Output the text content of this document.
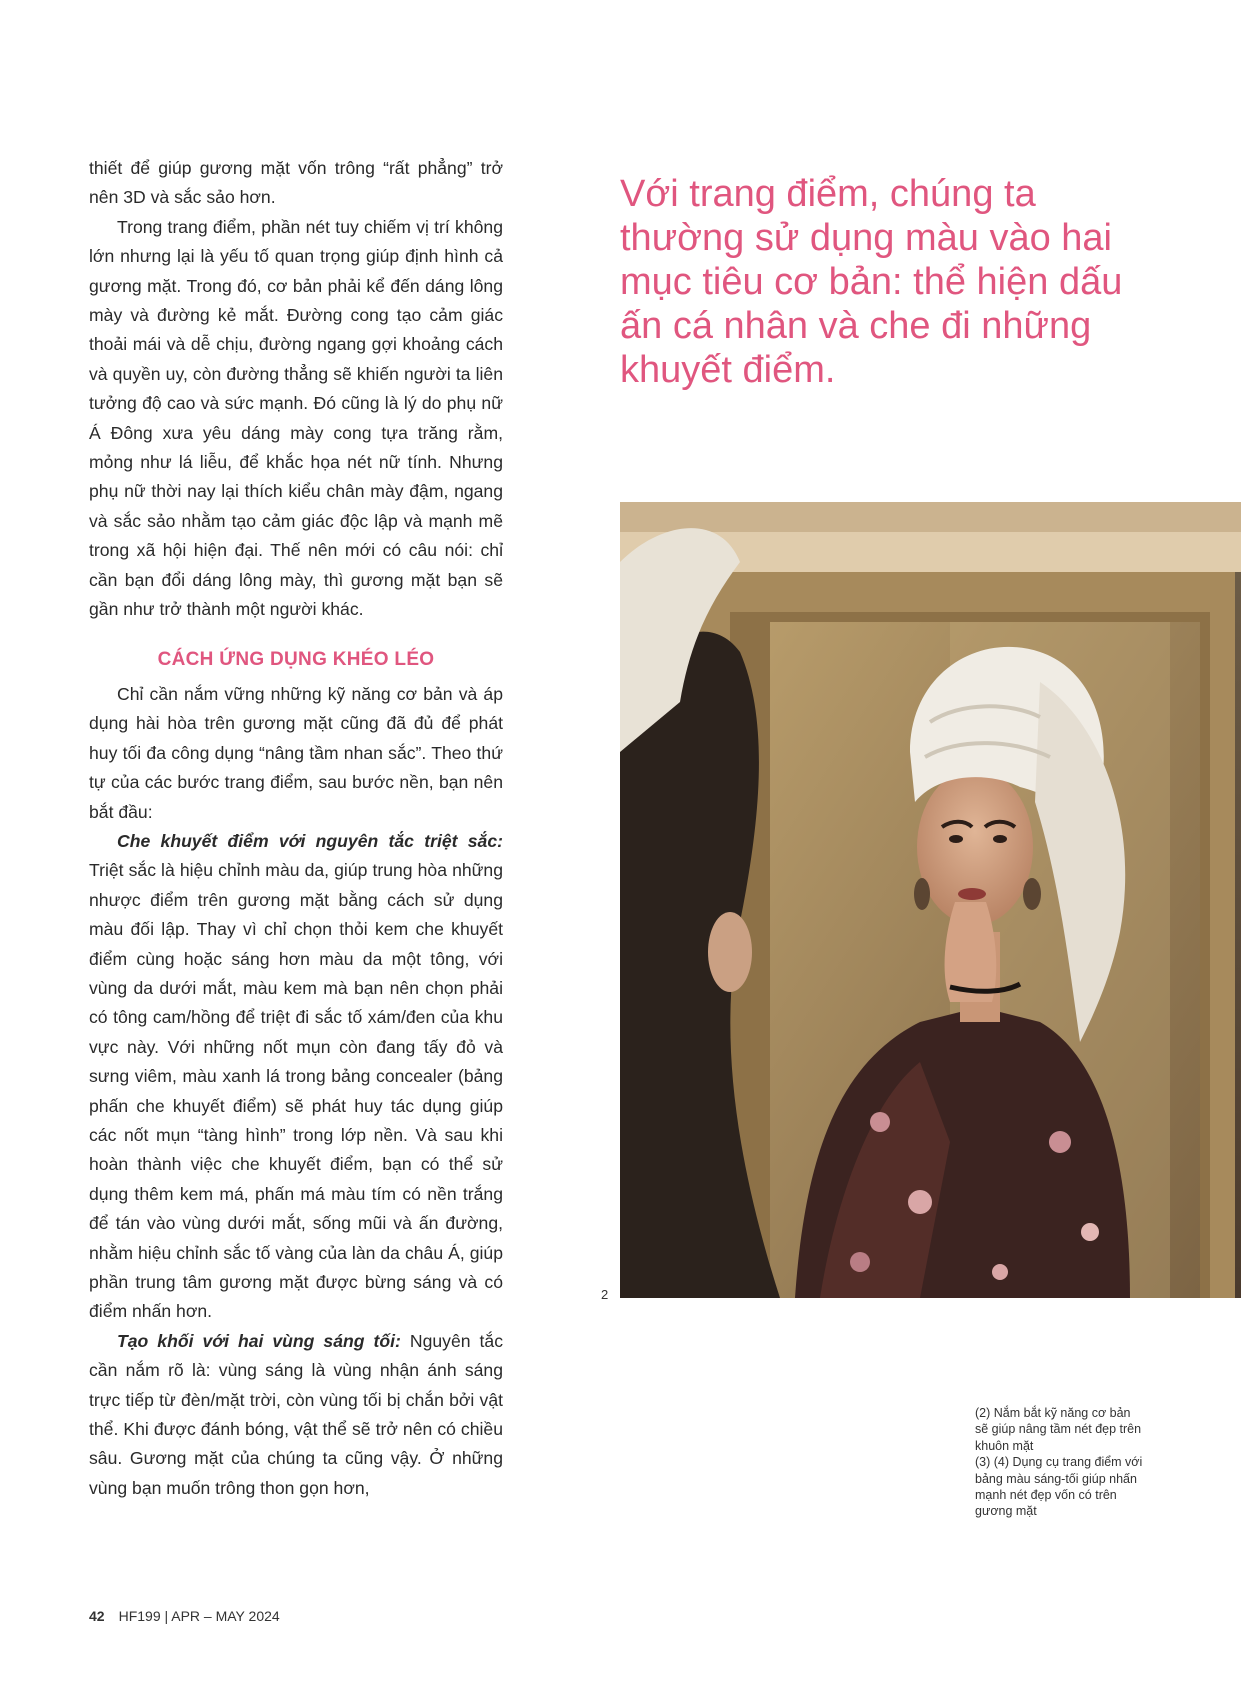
thiết để giúp gương mặt vốn trông “rất phẳng” trở nên 3D và sắc sảo hơn.

Trong trang điểm, phần nét tuy chiếm vị trí không lớn nhưng lại là yếu tố quan trọng giúp định hình cả gương mặt. Trong đó, cơ bản phải kể đến dáng lông mày và đường kẻ mắt. Đường cong tạo cảm giác thoải mái và dễ chịu, đường ngang gợi khoảng cách và quyền uy, còn đường thẳng sẽ khiến người ta liên tưởng độ cao và sức mạnh. Đó cũng là lý do phụ nữ Á Đông xưa yêu dáng mày cong tựa trăng rằm, mỏng như lá liễu, để khắc họa nét nữ tính. Nhưng phụ nữ thời nay lại thích kiểu chân mày đậm, ngang và sắc sảo nhằm tạo cảm giác độc lập và mạnh mẽ trong xã hội hiện đại. Thế nên mới có câu nói: chỉ cần bạn đổi dáng lông mày, thì gương mặt bạn sẽ gần như trở thành một người khác.

CÁCH ỨNG DỤNG KHÉO LÉO

Chỉ cần nắm vững những kỹ năng cơ bản và áp dụng hài hòa trên gương mặt cũng đã đủ để phát huy tối đa công dụng “nâng tầm nhan sắc”. Theo thứ tự của các bước trang điểm, sau bước nền, bạn nên bắt đầu:

Che khuyết điểm với nguyên tắc triệt sắc: Triệt sắc là hiệu chỉnh màu da, giúp trung hòa những nhược điểm trên gương mặt bằng cách sử dụng màu đối lập. Thay vì chỉ chọn thỏi kem che khuyết điểm cùng hoặc sáng hơn màu da một tông, với vùng da dưới mắt, màu kem mà bạn nên chọn phải có tông cam/hồng để triệt đi sắc tố xám/đen của khu vực này. Với những nốt mụn còn đang tấy đỏ và sưng viêm, màu xanh lá trong bảng concealer (bảng phấn che khuyết điểm) sẽ phát huy tác dụng giúp các nốt mụn “tàng hình” trong lớp nền. Và sau khi hoàn thành việc che khuyết điểm, bạn có thể sử dụng thêm kem má, phấn má màu tím có nền trắng để tán vào vùng dưới mắt, sống mũi và ấn đường, nhằm hiệu chỉnh sắc tố vàng của làn da châu Á, giúp phần trung tâm gương mặt được bừng sáng và có điểm nhấn hơn.

Tạo khối với hai vùng sáng tối: Nguyên tắc cần nắm rõ là: vùng sáng là vùng nhận ánh sáng trực tiếp từ đèn/mặt trời, còn vùng tối bị chắn bởi vật thể. Khi được đánh bóng, vật thể sẽ trở nên có chiều sâu. Gương mặt của chúng ta cũng vậy. Ở những vùng bạn muốn trông thon gọn hơn,

Với trang điểm, chúng ta thường sử dụng màu vào hai mục tiêu cơ bản: thể hiện dấu ấn cá nhân và che đi những khuyết điểm.

2

(2) Nắm bắt kỹ năng cơ bản sẽ giúp nâng tầm nét đẹp trên khuôn mặt

(3) (4) Dụng cụ trang điểm với bảng màu sáng-tối giúp nhấn mạnh nét đẹp vốn có trên gương mặt

42 HF199 | APR – MAY 2024
